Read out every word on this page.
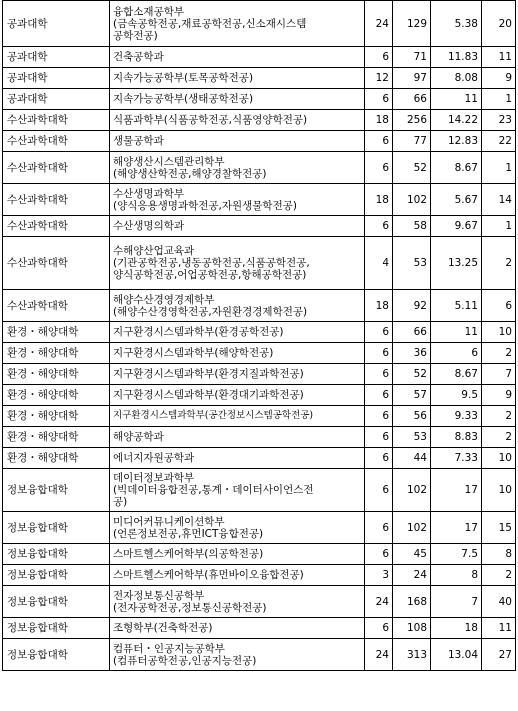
공과대학	융합소재공학부
(금속공학전공,재료공학전공,신소재시스템
공학전공)	24	129	5.38	20
공과대학	건축공학과	6	71	11.83	11
공과대학	지속가능공학부(토목공학전공)	12	97	8.08	9
공과대학	지속가능공학부(생태공학전공)	6	66	11	1
수산과학대학	식품과학부(식품공학전공,식품영양학전공)	18	256	14.22	23
수산과학대학	생물공학과	6	77	12.83	22
수산과학대학	해양생산시스템관리학부
(해양생산학전공,해양경찰학전공)	6	52	8.67	1
수산과학대학	수산생명과학부
(양식응용생명과학전공,자원생물학전공)	18	102	5.67	14
수산과학대학	수산생명의학과	6	58	9.67	1
수산과학대학	수해양산업교육과
(기관공학전공,냉동공학전공,식품공학전공,
양식공학전공,어업공학전공,항해공학전공)	4	53	13.25	2
수산과학대학	해양수산경영경제학부
(해양수산경영학전공,자원환경경제학전공)	18	92	5.11	6
환경・해양대학	지구환경시스템과학부(환경공학전공)	6	66	11	10
환경・해양대학	지구환경시스템과학부(해양학전공)	6	36	6	2
환경・해양대학	지구환경시스템과학부(환경지질과학전공)	6	52	8.67	7
환경・해양대학	지구환경시스템과학부(환경대기과학전공)	6	57	9.5	9
환경・해양대학	지구환경시스템과학부(공간정보시스템공학전공)	6	56	9.33	2
환경・해양대학	해양공학과	6	53	8.83	2
환경・해양대학	에너지자원공학과	6	44	7.33	10
정보융합대학	데이터정보과학부
(빅데이터융합전공,통계・데이터사이언스전
공)	6	102	17	10
정보융합대학	미디어커뮤니케이션학부
(언론정보전공,휴먼ICT융합전공)	6	102	17	15
정보융합대학	스마트헬스케어학부(의공학전공)	6	45	7.5	8
정보융합대학	스마트헬스케어학부(휴먼바이오융합전공)	3	24	8	2
정보융합대학	전자정보통신공학부
(전자공학전공,정보통신공학전공)	24	168	7	40
정보융합대학	조형학부(건축학전공)	6	108	18	11
정보융합대학	컴퓨터・인공지능공학부
(컴퓨터공학전공,인공지능전공)	24	313	13.04	27
